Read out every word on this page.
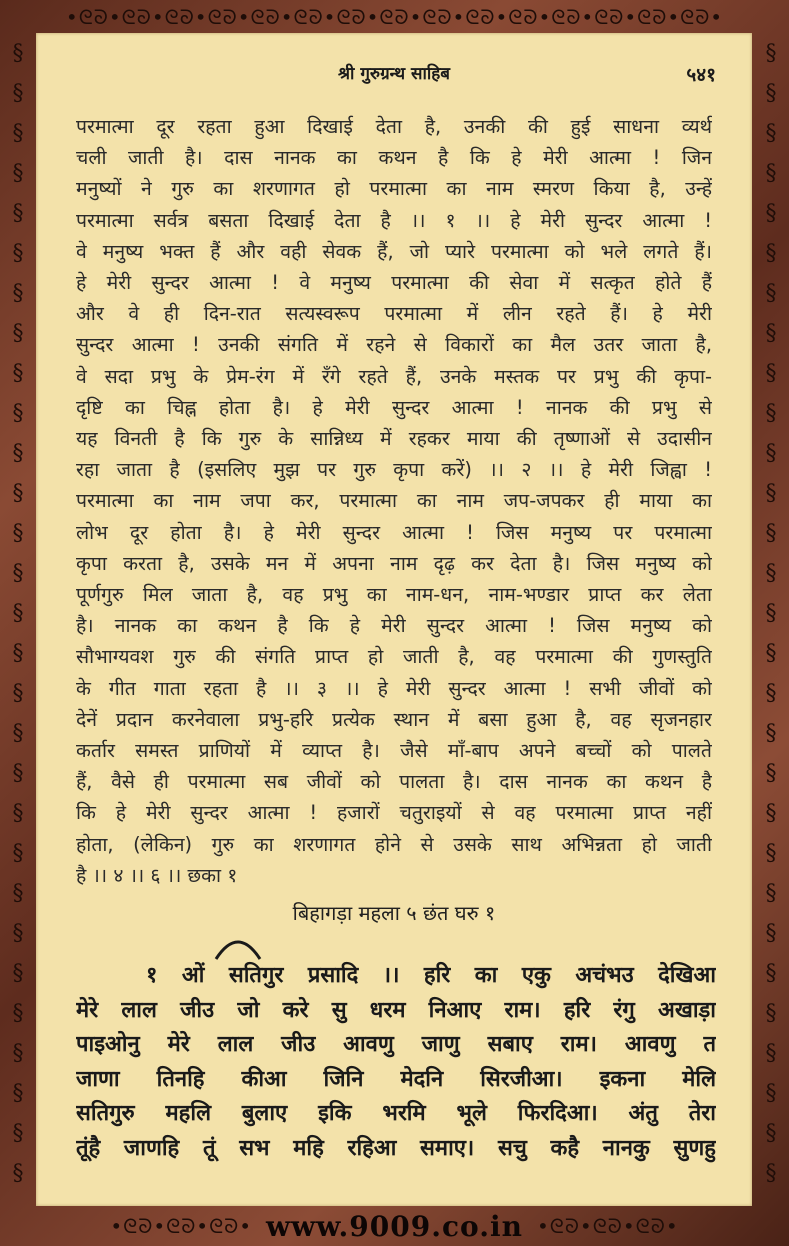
•ᘓᘐ•ᘓᘐ•ᘓᘐ•ᘓᘐ•ᘓᘐ•ᘓᘐ•ᘓᘐ•ᘓᘐ•ᘓᘐ•ᘓᘐ•ᘓᘐ•ᘓᘐ•ᘓᘐ•ᘓᘐ•ᘓᘐ•
§
§
§
§
§
§
§
§
§
§
§
§
§
§
§
§
§
§
§
§
§
§
§
§
§
§
§
§
§
§
§
§
§
§
§
§
§
§
§
§
§
§
§
§
§
§
§
§
§
§
§
§
§
§
§
§
§
§
श्री गुरुग्रन्थ साहिब	५४१
परमात्मा दूर रहता हुआ दिखाई देता है, उनकी की हुई साधना व्यर्थ
चली जाती है। दास नानक का कथन है कि हे मेरी आत्मा ! जिन
मनुष्यों ने गुरु का शरणागत हो परमात्मा का नाम स्मरण किया है, उन्हें
परमात्मा सर्वत्र बसता दिखाई देता है ।। १ ।। हे मेरी सुन्दर आत्मा !
वे मनुष्य भक्त हैं और वही सेवक हैं, जो प्यारे परमात्मा को भले लगते हैं।
हे मेरी सुन्दर आत्मा ! वे मनुष्य परमात्मा की सेवा में सत्कृत होते हैं
और वे ही दिन-रात सत्यस्वरूप परमात्मा में लीन रहते हैं। हे मेरी
सुन्दर आत्मा ! उनकी संगति में रहने से विकारों का मैल उतर जाता है,
वे सदा प्रभु के प्रेम-रंग में रँगे रहते हैं, उनके मस्तक पर प्रभु की कृपा-
दृष्टि का चिह्न होता है। हे मेरी सुन्दर आत्मा ! नानक की प्रभु से
यह विनती है कि गुरु के सान्निध्य में रहकर माया की तृष्णाओं से उदासीन
रहा जाता है (इसलिए मुझ पर गुरु कृपा करें) ।। २ ।। हे मेरी जिह्वा !
परमात्मा का नाम जपा कर, परमात्मा का नाम जप-जपकर ही माया का
लोभ दूर होता है। हे मेरी सुन्दर आत्मा ! जिस मनुष्य पर परमात्मा
कृपा करता है, उसके मन में अपना नाम दृढ़ कर देता है। जिस मनुष्य को
पूर्णगुरु मिल जाता है, वह प्रभु का नाम-धन, नाम-भण्डार प्राप्त कर लेता
है। नानक का कथन है कि हे मेरी सुन्दर आत्मा ! जिस मनुष्य को
सौभाग्यवश गुरु की संगति प्राप्त हो जाती है, वह परमात्मा की गुणस्तुति
के गीत गाता रहता है ।। ३ ।। हे मेरी सुन्दर आत्मा ! सभी जीवों को
देनें प्रदान करनेवाला प्रभु-हरि प्रत्येक स्थान में बसा हुआ है, वह सृजनहार
कर्तार समस्त प्राणियों में व्याप्त है। जैसे माँ-बाप अपने बच्चों को पालते
हैं, वैसे ही परमात्मा सब जीवों को पालता है। दास नानक का कथन है
कि हे मेरी सुन्दर आत्मा ! हजारों चतुराइयों से वह परमात्मा प्राप्त नहीं
होता, (लेकिन) गुरु का शरणागत होने से उसके साथ अभिन्नता हो जाती
है ।। ४ ।। ६ ।। छका १
बिहागड़ा महला ५ छंत घरु १
१ ओं सतिगुर प्रसादि ।। हरि का एकु अचंभउ देखिआ
मेरे लाल जीउ जो करे सु धरम निआए राम। हरि रंगु अखाड़ा
पाइओनु मेरे लाल जीउ आवणु जाणु सबाए राम। आवणु त
जाणा तिनहि कीआ जिनि मेदनि सिरजीआ। इकना मेलि
सतिगुरु महलि बुलाए इकि भरमि भूले फिरदिआ। अंतु तेरा
तूंहै जाणहि तूं सभ महि रहिआ समाए। सचु कहै नानकु सुणहु
•ᘓᘐ•ᘓᘐ•ᘓᘐ• www.9009.co.in •ᘓᘐ•ᘓᘐ•ᘓᘐ•
